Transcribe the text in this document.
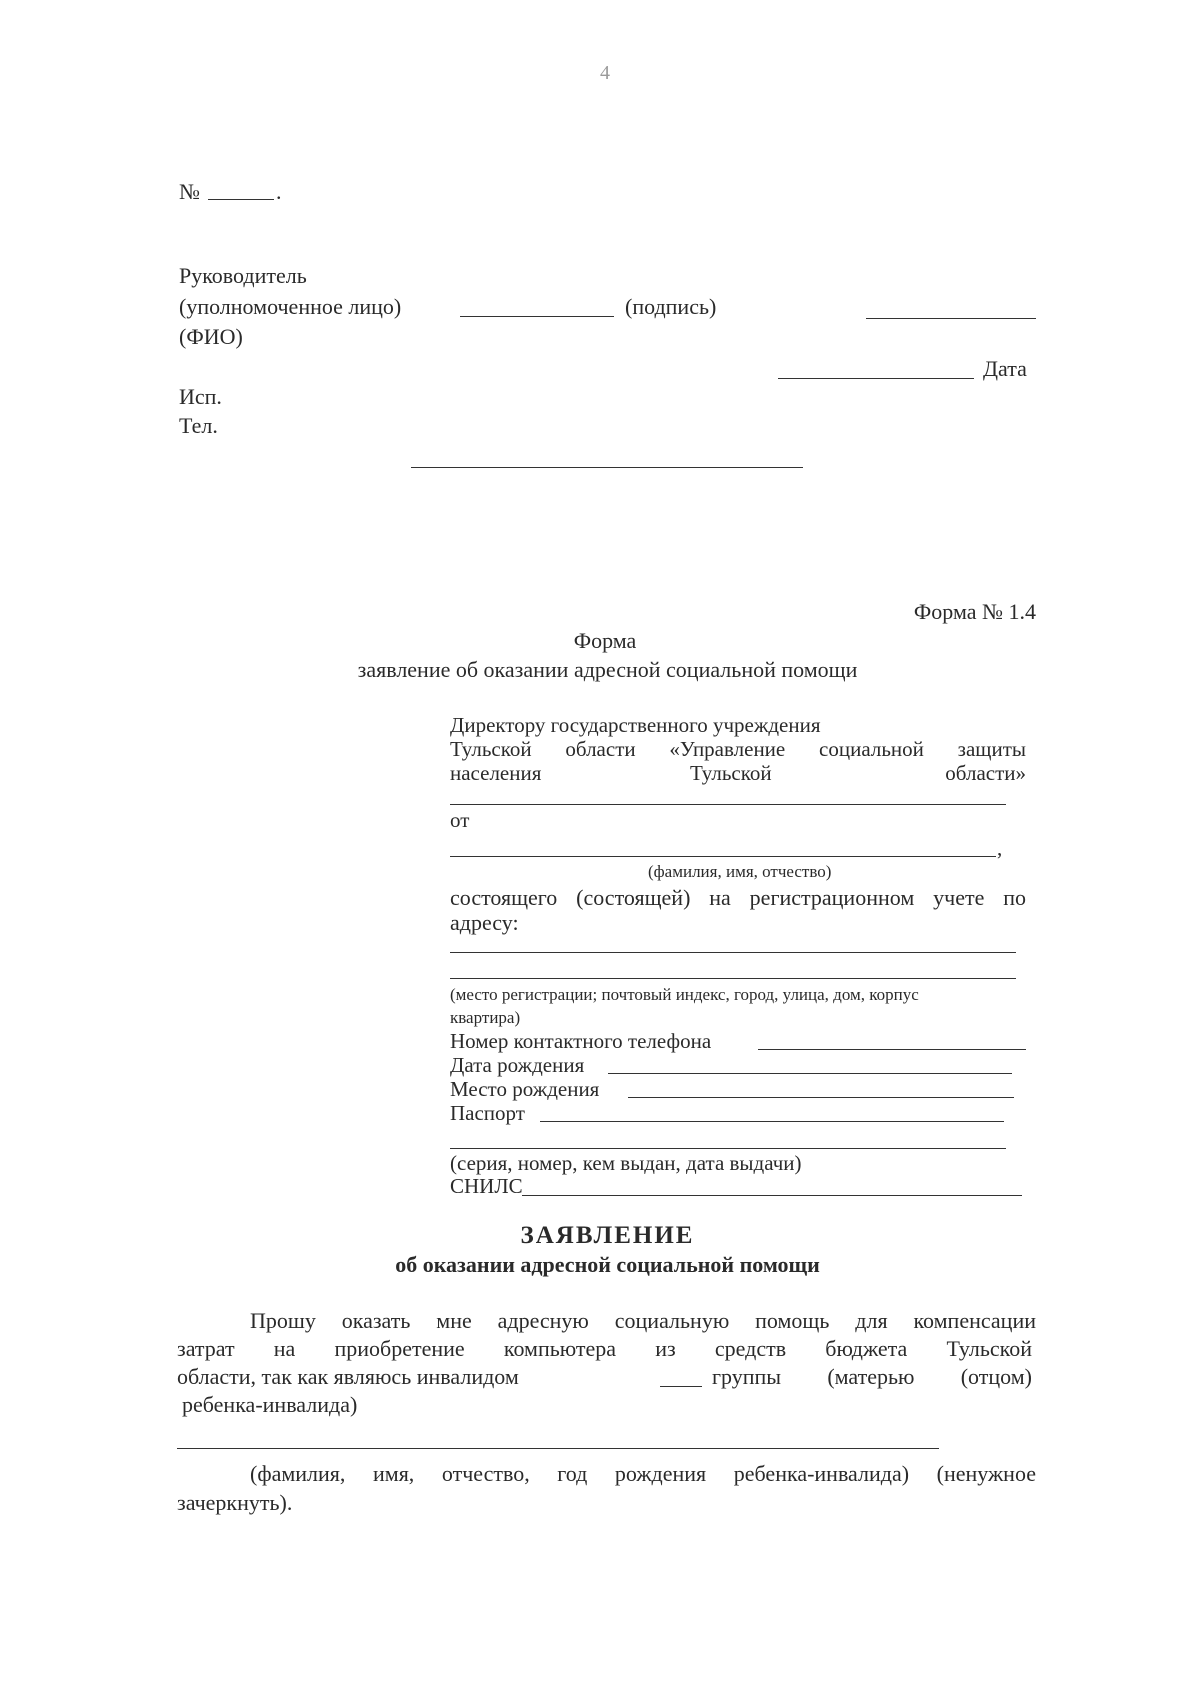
4
№	.
Руководитель
(уполномоченное лицо)	(подпись)
(ФИО)
Дата
Исп.
Тел.
Форма № 1.4
Форма
заявление об оказании адресной социальной помощи
Директору государственного учреждения
Тульской области «Управление социальной защиты
населения	Тульской	области»
от
,
(фамилия, имя, отчество)
состоящего (состоящей) на регистрационном учете по
адресу:
(место регистрации; почтовый индекс, город, улица, дом, корпус
квартира)
Номер контактного телефона
Дата рождения
Место рождения
Паспорт
(серия, номер, кем выдан, дата выдачи)
СНИЛС
ЗАЯВЛЕНИЕ
об оказании адресной социальной помощи
Прошу оказать мне адресную социальную помощь для компенсации
затрат на приобретение компьютера из средств бюджета Тульской
области, так как являюсь инвалидом	группы (матерью (отцом)
ребенка-инвалида)
(фамилия, имя, отчество, год рождения ребенка-инвалида) (ненужное
зачеркнуть).
